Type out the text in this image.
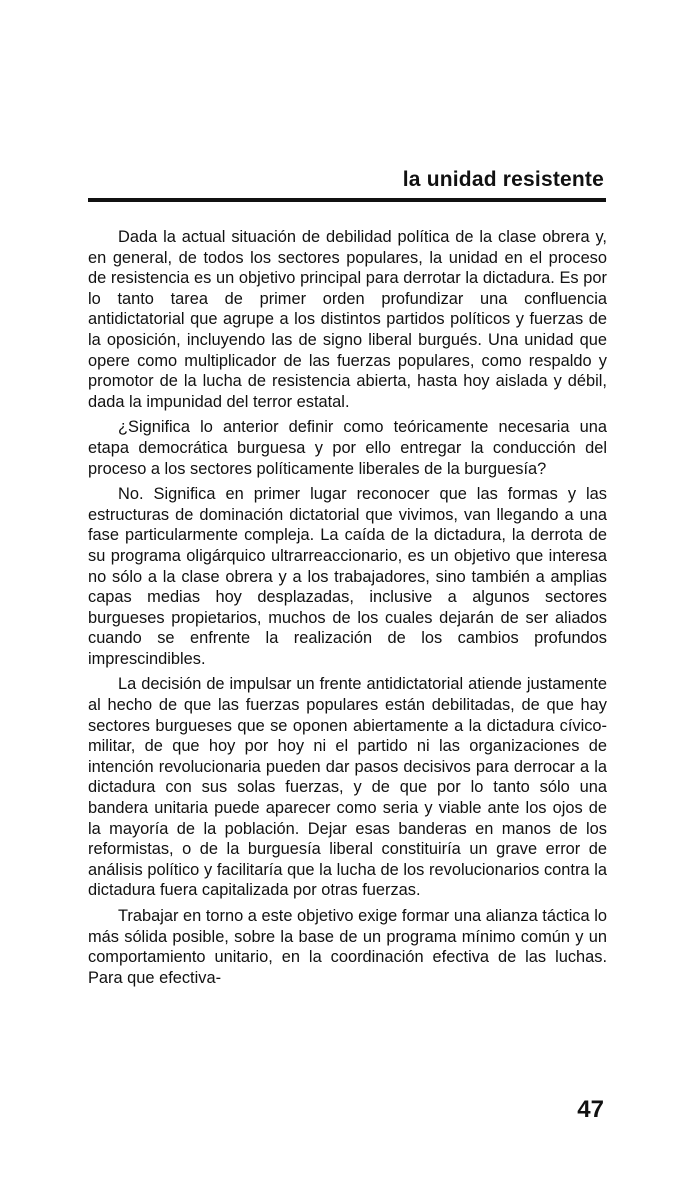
la unidad resistente

Dada la actual situación de debilidad política de la clase obrera y, en general, de todos los sectores populares, la unidad en el proceso de resistencia es un objetivo principal para derrotar la dictadura. Es por lo tanto tarea de primer orden profundizar una confluencia antidictatorial que agrupe a los distintos partidos políticos y fuerzas de la oposición, incluyendo las de signo liberal burgués. Una unidad que opere como multiplicador de las fuerzas populares, como respaldo y promotor de la lucha de resistencia abierta, hasta hoy aislada y débil, dada la impunidad del terror estatal.

¿Significa lo anterior definir como teóricamente necesaria una etapa democrática burguesa y por ello entregar la conducción del proceso a los sectores políticamente liberales de la burguesía?

No. Significa en primer lugar reconocer que las formas y las estructuras de dominación dictatorial que vivimos, van llegando a una fase particularmente compleja. La caída de la dictadura, la derrota de su programa oligárquico ultrarreaccionario, es un objetivo que interesa no sólo a la clase obrera y a los trabajadores, sino también a amplias capas medias hoy desplazadas, inclusive a algunos sectores burgueses propietarios, muchos de los cuales dejarán de ser aliados cuando se enfrente la realización de los cambios profundos imprescindibles.

La decisión de impulsar un frente antidictatorial atiende justamente al hecho de que las fuerzas populares están debilitadas, de que hay sectores burgueses que se oponen abiertamente a la dictadura cívico-militar, de que hoy por hoy ni el partido ni las organizaciones de intención revolucionaria pueden dar pasos decisivos para derrocar a la dictadura con sus solas fuerzas, y de que por lo tanto sólo una bandera unitaria puede aparecer como seria y viable ante los ojos de la mayoría de la población. Dejar esas banderas en manos de los reformistas, o de la burguesía liberal constituiría un grave error de análisis político y facilitaría que la lucha de los revolucionarios contra la dictadura fuera capitalizada por otras fuerzas.

Trabajar en torno a este objetivo exige formar una alianza táctica lo más sólida posible, sobre la base de un programa mínimo común y un comportamiento unitario, en la coordinación efectiva de las luchas. Para que efectiva-

47
